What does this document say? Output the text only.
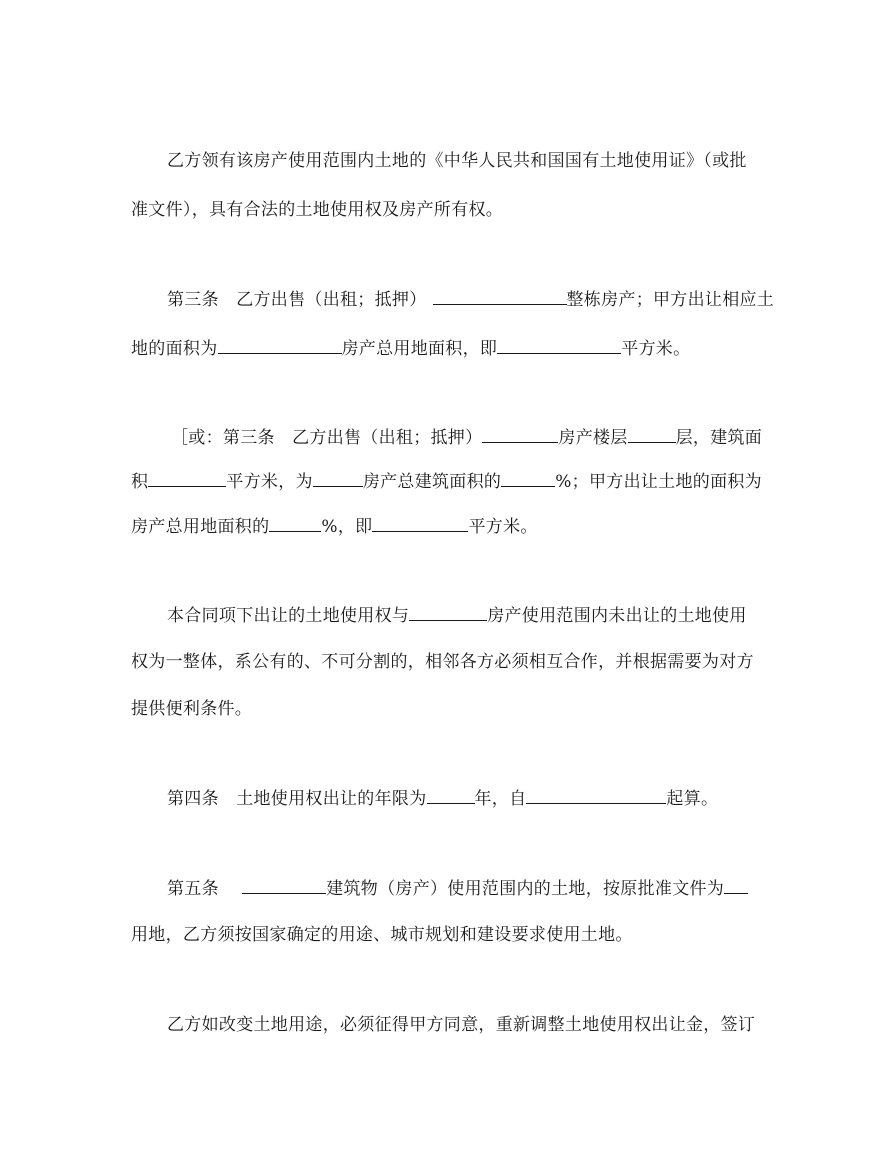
乙方领有该房产使用范围内土地的《中华人民共和国国有土地使用证》（或批
准文件），具有合法的土地使用权及房产所有权。
第三条　乙方出售（出租；抵押）	整栋房产；甲方出让相应土
地的面积为	房产总用地面积，即	平方米。
［或：第三条　乙方出售（出租；抵押）	房产楼层	层，建筑面
积	平方米，为	房产总建筑面积的	%；甲方出让土地的面积为
房产总用地面积的	%，即	平方米。
本合同项下出让的土地使用权与	房产使用范围内未出让的土地使用
权为一整体，系公有的、不可分割的，相邻各方必须相互合作，并根据需要为对方
提供便利条件。
第四条　土地使用权出让的年限为	年，自	起算。
第五条　	建筑物（房产）使用范围内的土地，按原批准文件为
用地，乙方须按国家确定的用途、城市规划和建设要求使用土地。
乙方如改变土地用途，必须征得甲方同意，重新调整土地使用权出让金，签订
